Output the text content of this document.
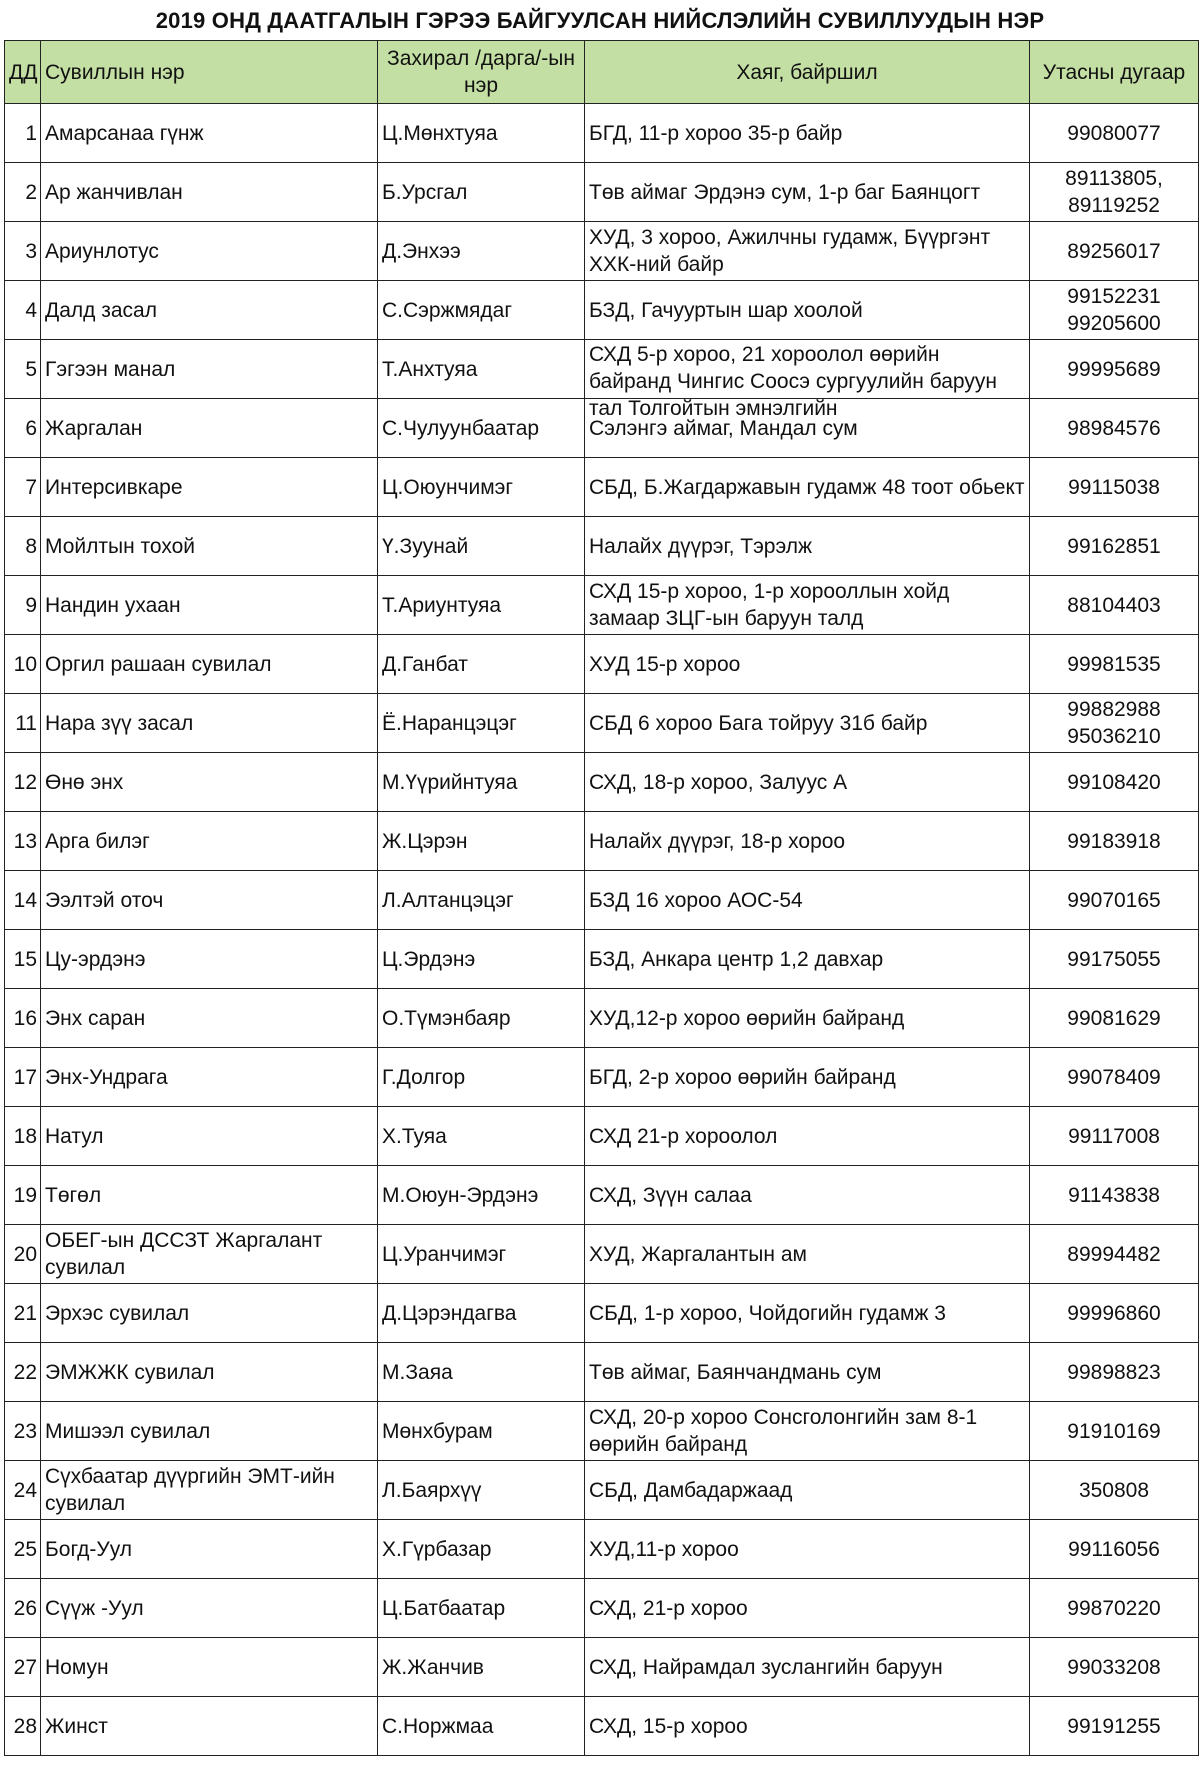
2019 ОНД ДААТГАЛЫН ГЭРЭЭ БАЙГУУЛСАН НИЙСЛЭЛИЙН СУВИЛЛУУДЫН НЭР
ДД	Сувиллын нэр	Захирал /дарга/-ын нэр	Хаяг, байршил	Утасны дугаар

1	Амарсанаа гүнж	Ц.Мөнхтуяа	БГД, 11-р хороо 35-р байр	99080077

2	Ар жанчивлан	Б.Урсгал	Төв аймаг Эрдэнэ сум, 1-р баг Баянцогт	89113805, 89119252

3	Ариунлотус	Д.Энхээ	ХУД, 3 хороо, Ажилчны гудамж, Бүүргэнт ХХК-ний байр	89256017

4	Далд засал	С.Сэржмядаг	БЗД, Гачууртын шар хоолой	99152231 99205600

5	Гэгээн манал	Т.Анхтуяа	СХД 5-р хороо, 21 хороолол өөрийн байранд Чингис Соосэ сургуулийн баруун тал Толгойтын эмнэлгийн	99995689

6	Жаргалан	С.Чулуунбаатар	Сэлэнгэ аймаг, Мандал сум	98984576

7	Интерсивкаре	Ц.Оюунчимэг	СБД, Б.Жагдаржавын гудамж 48 тоот обьект	99115038

8	Мойлтын тохой	Ү.Зуунай	Налайх дүүрэг, Тэрэлж	99162851

9	Нандин ухаан	Т.Ариунтуяа	СХД 15-р хороо, 1-р хорооллын хойд замаар ЗЦГ-ын баруун талд	88104403

10	Оргил рашаан сувилал	Д.Ганбат	ХУД 15-р хороо	99981535

11	Нара зүү засал	Ё.Наранцэцэг	СБД 6 хороо Бага тойруу 31б байр	99882988 95036210

12	Өнө энх	М.Үүрийнтуяа	СХД, 18-р хороо, Залуус А	99108420

13	Арга билэг	Ж.Цэрэн	Налайх дүүрэг, 18-р хороо	99183918

14	Ээлтэй оточ	Л.Алтанцэцэг	БЗД 16 хороо АОС-54	99070165

15	Цу-эрдэнэ	Ц.Эрдэнэ	БЗД, Анкара центр 1,2 давхар	99175055

16	Энх саран	О.Түмэнбаяр	ХУД,12-р хороо өөрийн байранд	99081629

17	Энх-Ундрага	Г.Долгор	БГД, 2-р хороо өөрийн байранд	99078409

18	Натул	Х.Туяа	СХД 21-р хороолол	99117008

19	Төгөл	М.Оюун-Эрдэнэ	СХД, Зүүн салаа	91143838

20	ОБЕГ-ын ДССЗТ Жаргалант сувилал	Ц.Уранчимэг	ХУД, Жаргалантын ам	89994482

21	Эрхэс сувилал	Д.Цэрэндагва	СБД, 1-р хороо, Чойдогийн гудамж 3	99996860

22	ЭМЖЖК сувилал	М.Заяа	Төв аймаг, Баянчандмань сум	99898823

23	Мишээл сувилал	Мөнхбурам	СХД, 20-р хороо Сонсголонгийн зам 8-1 өөрийн байранд	91910169

24	Сүхбаатар дүүргийн ЭМТ-ийн сувилал	Л.Баярхүү	СБД, Дамбадаржаад	350808

25	Богд-Уул	Х.Гүрбазар	ХУД,11-р хороо	99116056

26	Сүүж -Уул	Ц.Батбаатар	СХД, 21-р хороо	99870220

27	Номун	Ж.Жанчив	СХД, Найрамдал зуслангийн баруун	99033208

28	Жинст	С.Норжмаа	СХД, 15-р хороо	99191255
